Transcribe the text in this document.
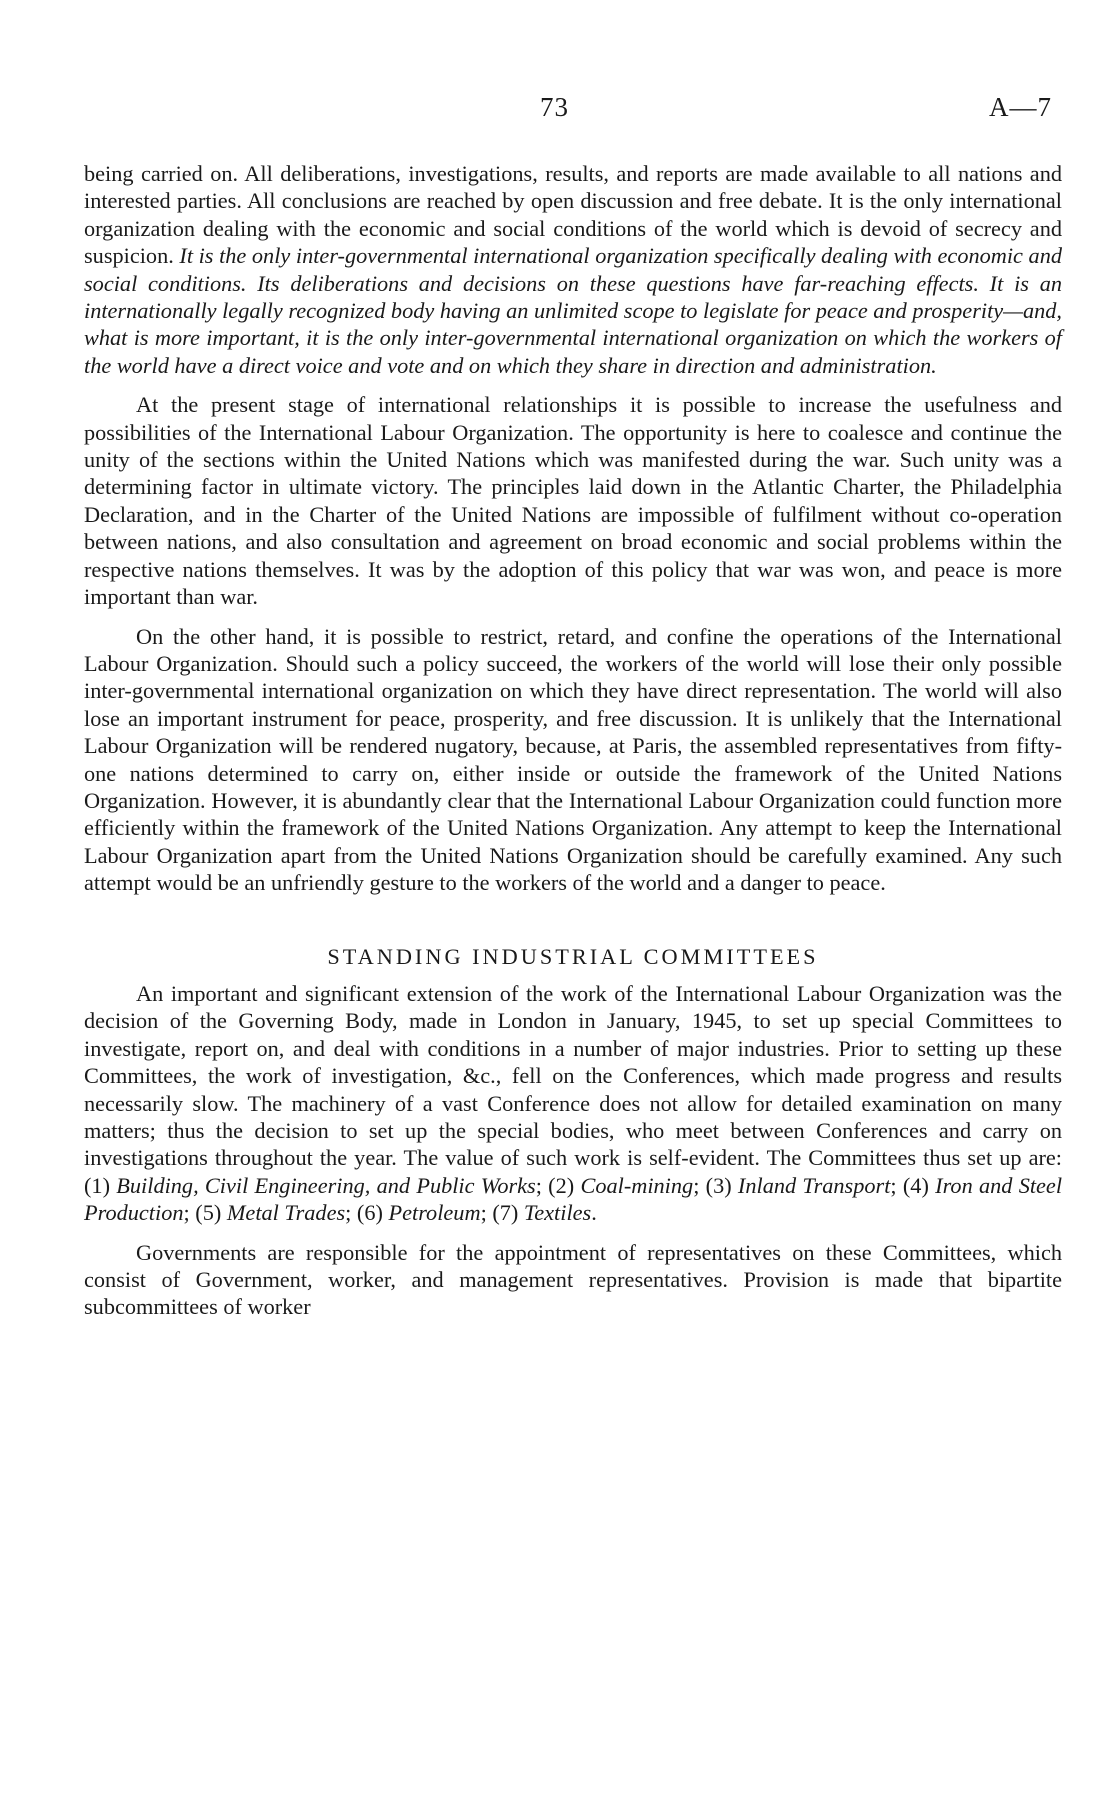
73	A—7

being carried on. All deliberations, investigations, results, and reports are made available to all nations and interested parties. All conclusions are reached by open discussion and free debate. It is the only international organization dealing with the economic and social conditions of the world which is devoid of secrecy and suspicion. It is the only inter-governmental international organization specifically dealing with economic and social conditions. Its deliberations and decisions on these questions have far-reaching effects. It is an internationally legally recognized body having an unlimited scope to legislate for peace and prosperity—and, what is more important, it is the only inter-governmental international organization on which the workers of the world have a direct voice and vote and on which they share in direction and administration.

At the present stage of international relationships it is possible to increase the usefulness and possibilities of the International Labour Organization. The opportunity is here to coalesce and continue the unity of the sections within the United Nations which was manifested during the war. Such unity was a determining factor in ultimate victory. The principles laid down in the Atlantic Charter, the Philadelphia Declaration, and in the Charter of the United Nations are impossible of fulfilment without co-operation between nations, and also consultation and agreement on broad economic and social problems within the respective nations themselves. It was by the adoption of this policy that war was won, and peace is more important than war.

On the other hand, it is possible to restrict, retard, and confine the operations of the International Labour Organization. Should such a policy succeed, the workers of the world will lose their only possible inter-governmental international organization on which they have direct representation. The world will also lose an important instrument for peace, prosperity, and free discussion. It is unlikely that the International Labour Organization will be rendered nugatory, because, at Paris, the assembled representatives from fifty-one nations determined to carry on, either inside or outside the framework of the United Nations Organization. However, it is abundantly clear that the International Labour Organization could function more efficiently within the framework of the United Nations Organization. Any attempt to keep the International Labour Organization apart from the United Nations Organization should be carefully examined. Any such attempt would be an unfriendly gesture to the workers of the world and a danger to peace.

STANDING INDUSTRIAL COMMITTEES

An important and significant extension of the work of the International Labour Organization was the decision of the Governing Body, made in London in January, 1945, to set up special Committees to investigate, report on, and deal with conditions in a number of major industries. Prior to setting up these Committees, the work of investigation, &c., fell on the Conferences, which made progress and results necessarily slow. The machinery of a vast Conference does not allow for detailed examination on many matters; thus the decision to set up the special bodies, who meet between Conferences and carry on investigations throughout the year. The value of such work is self-evident. The Committees thus set up are: (1) Building, Civil Engineering, and Public Works; (2) Coal-mining; (3) Inland Transport; (4) Iron and Steel Production; (5) Metal Trades; (6) Petroleum; (7) Textiles.

Governments are responsible for the appointment of representatives on these Committees, which consist of Government, worker, and management representatives. Provision is made that bipartite subcommittees of worker
